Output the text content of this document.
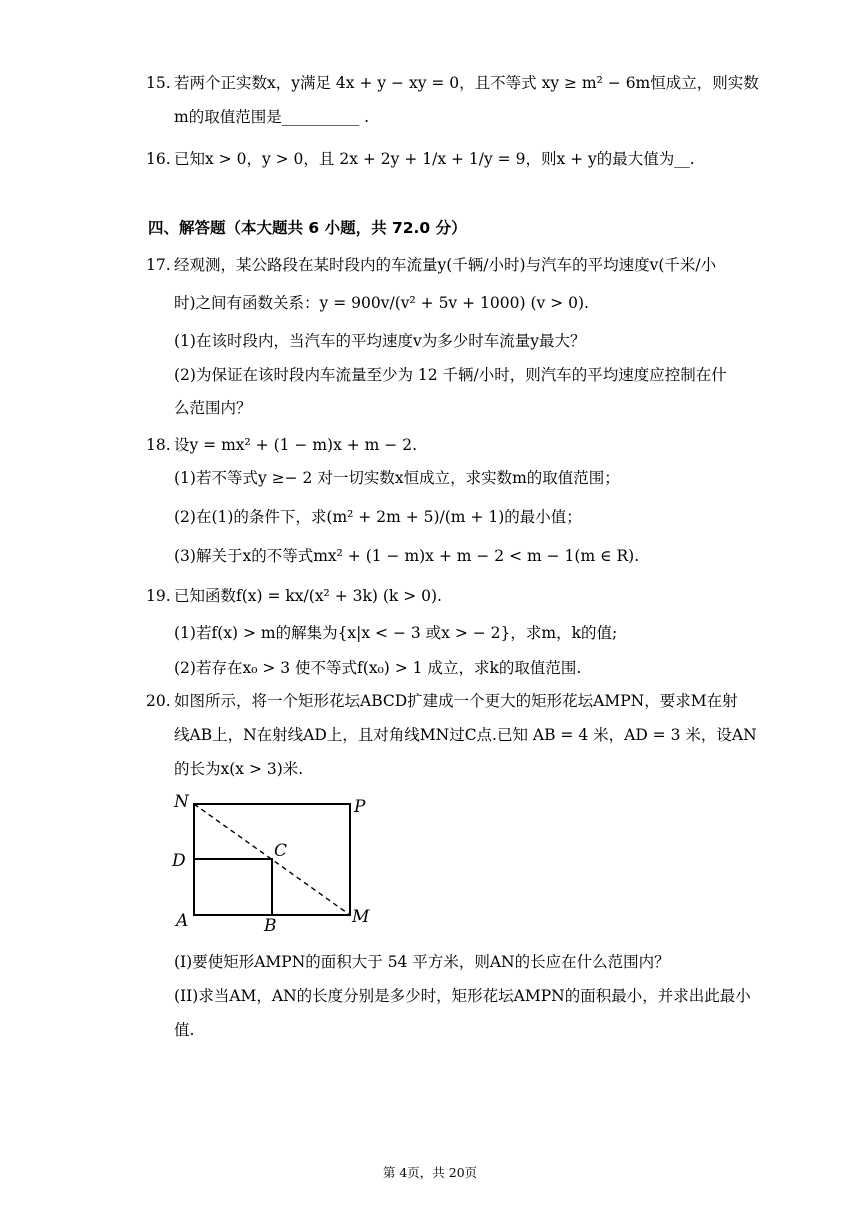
15. 若两个正实数x，y满足 4x + y − xy = 0，且不等式 xy ≥ m² − 6m恒成立，则实数
m的取值范围是__________ .
16. 已知x > 0，y > 0，且 2x + 2y + 1/x + 1/y = 9，则x + y的最大值为__.
四、解答题（本大题共 6 小题，共 72.0 分）
17. 经观测，某公路段在某时段内的车流量y(千辆/小时)与汽车的平均速度v(千米/小
时)之间有函数关系：y = 900v/(v² + 5v + 1000) (v > 0).
(1)在该时段内，当汽车的平均速度v为多少时车流量y最大？
(2)为保证在该时段内车流量至少为 12 千辆/小时，则汽车的平均速度应控制在什
么范围内？
18. 设y = mx² + (1 − m)x + m − 2.
(1)若不等式y ≥− 2 对一切实数x恒成立，求实数m的取值范围；
(2)在(1)的条件下，求(m² + 2m + 5)/(m + 1)的最小值；
(3)解关于x的不等式mx² + (1 − m)x + m − 2 < m − 1(m ∈ R).
19. 已知函数f(x) = kx/(x² + 3k) (k > 0).
(1)若f(x) > m的解集为{x|x < − 3 或x > − 2}，求m，k的值;
(2)若存在x₀ > 3 使不等式f(x₀) > 1 成立，求k的取值范围.
20. 如图所示，将一个矩形花坛ABCD扩建成一个更大的矩形花坛AMPN，要求M在射
线AB上，N在射线AD上，且对角线MN过C点.已知 AB = 4 米，AD = 3 米，设AN
的长为x(x > 3)米.
N	P
C
D
A	B	M
(I)要使矩形AMPN的面积大于 54 平方米，则AN的长应在什么范围内？
(II)求当AM，AN的长度分别是多少时，矩形花坛AMPN的面积最小，并求出此最小
值.
第 4页，共 20页
